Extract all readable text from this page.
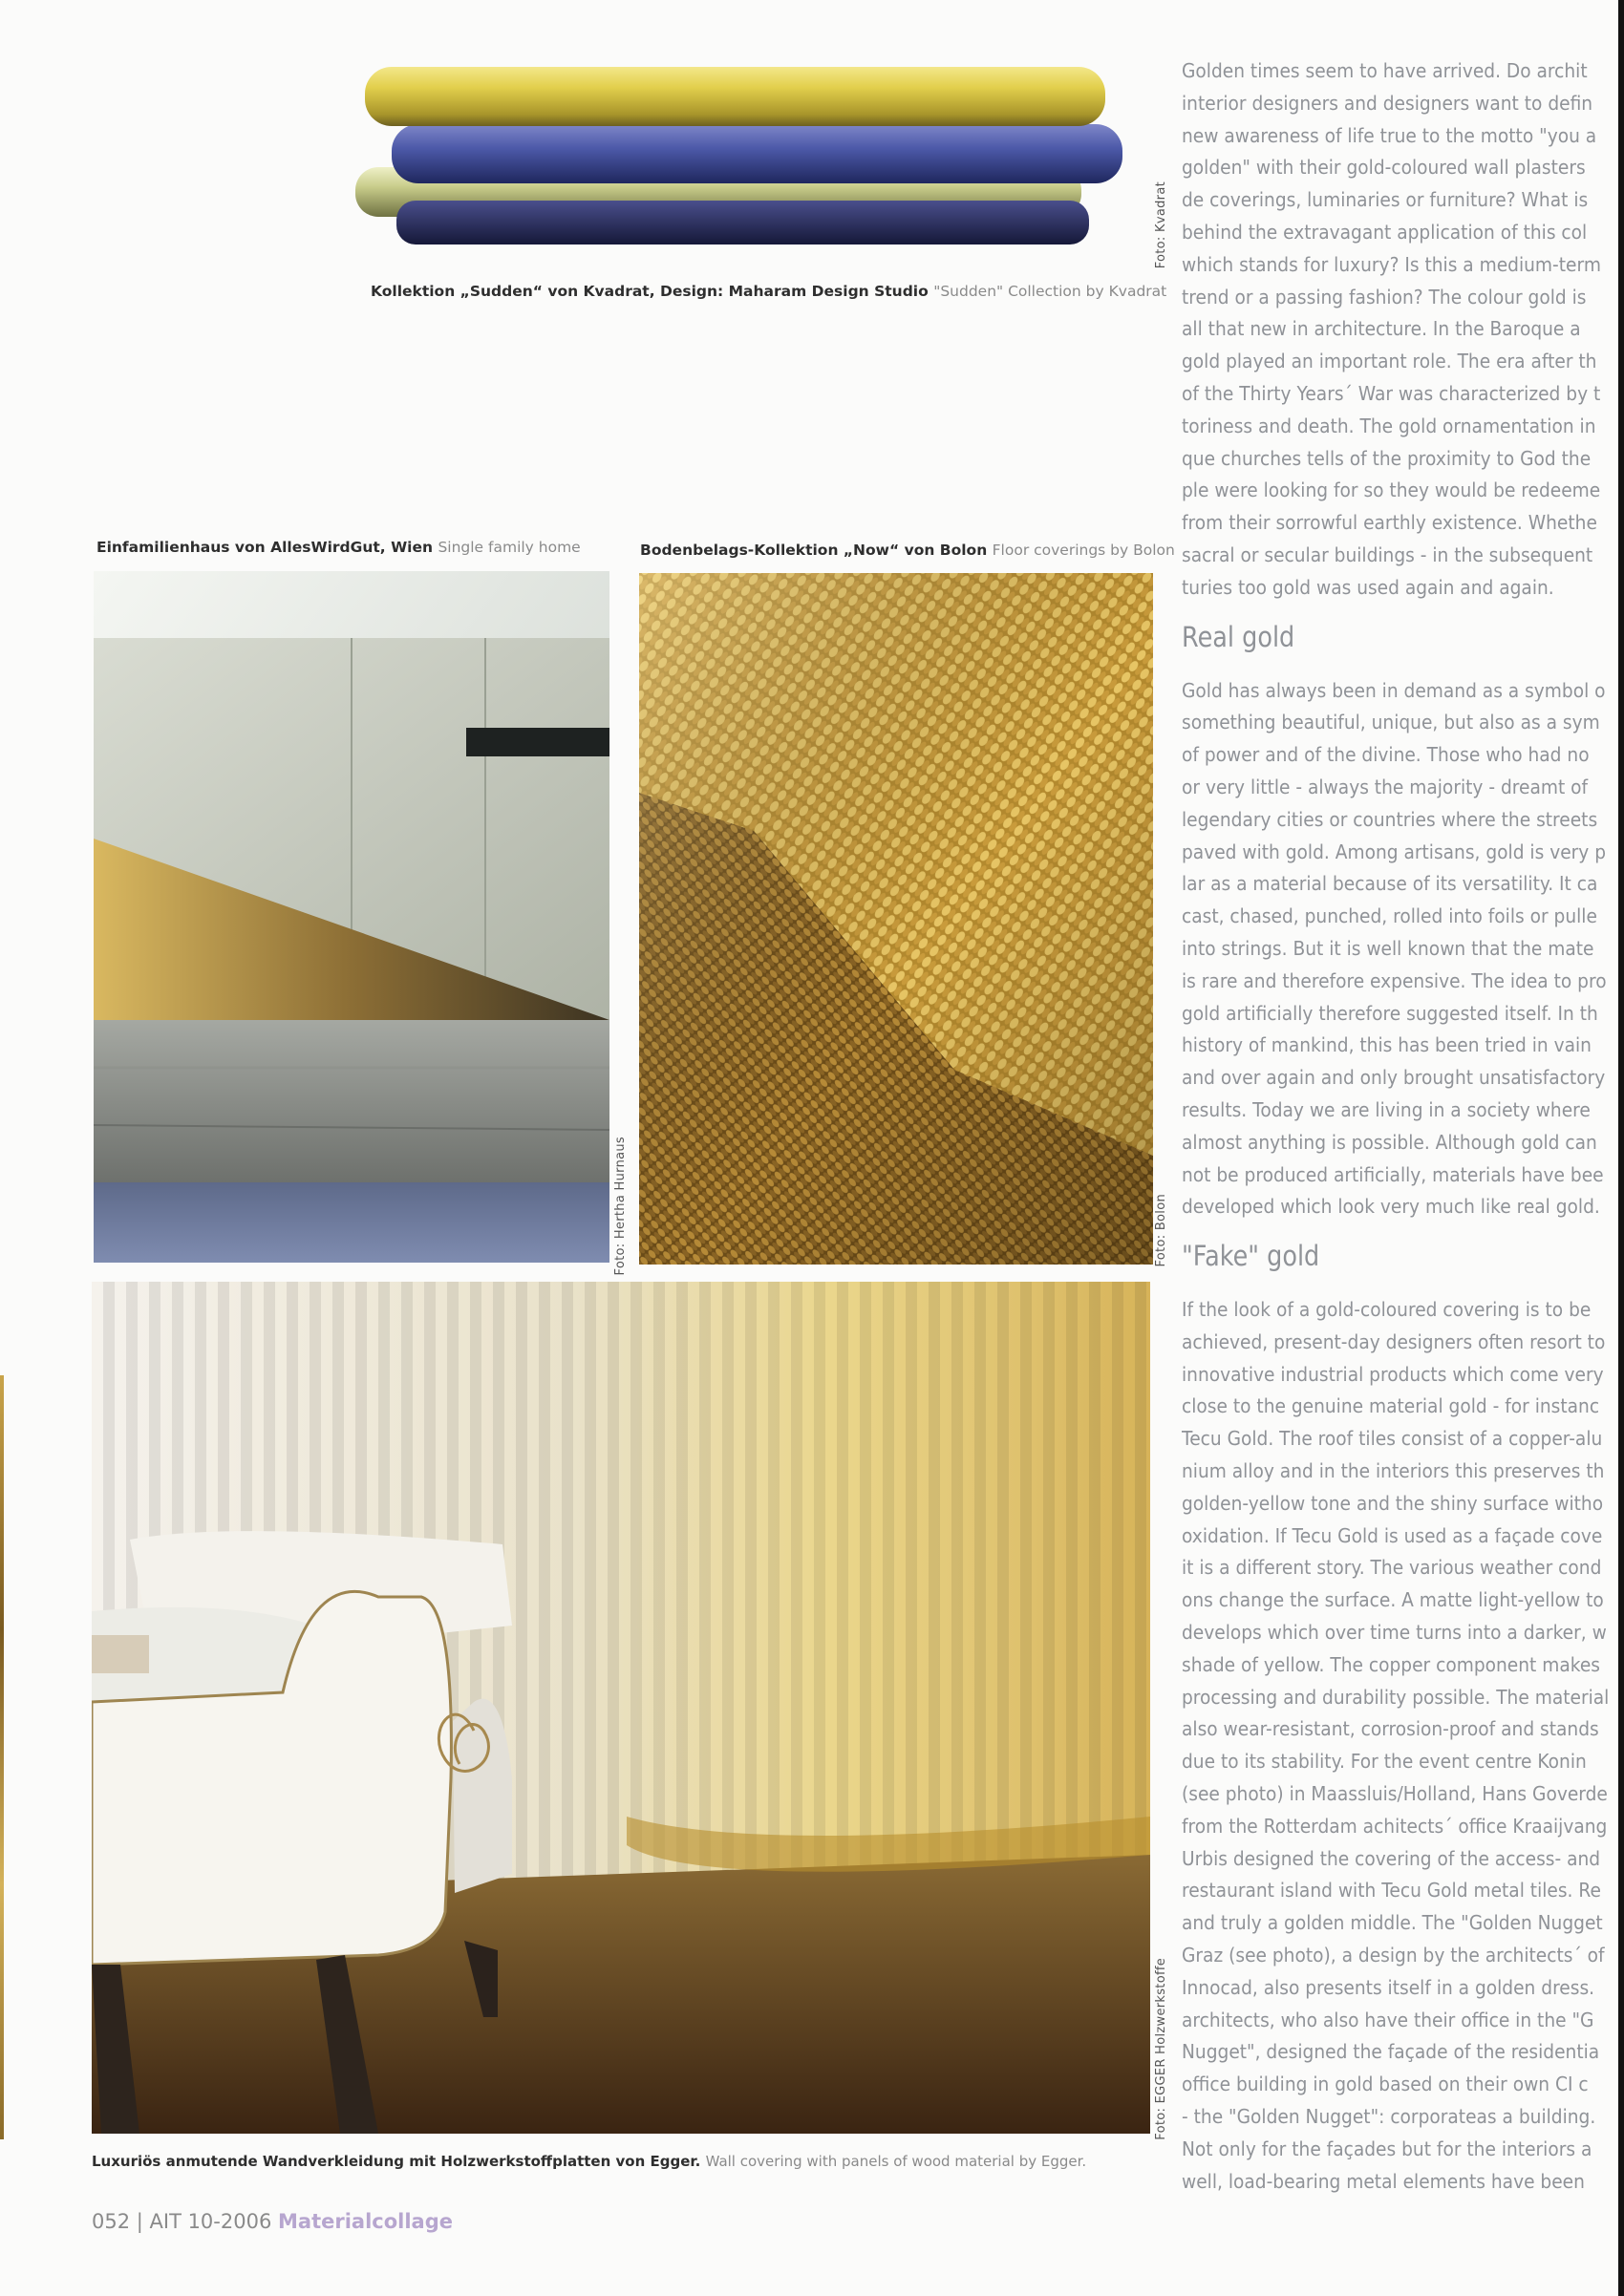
Foto: Kvadrat
Kollektion „Sudden“ von Kvadrat, Design: Maharam Design Studio "Sudden" Collection by Kvadrat
Einfamilienhaus von AllesWirdGut, Wien Single family home	Bodenbelags-Kollektion „Now“ von Bolon Floor coverings by Bolon
Foto: Hertha Hurnaus	Foto: Bolon
Foto: EGGER Holzwerkstoffe
Luxuriös anmutende Wandverkleidung mit Holzwerkstoffplatten von Egger. Wall covering with panels of wood material by Egger.

Golden times seem to have arrived. Do archit
interior designers and designers want to defin
new awareness of life true to the motto "you a
golden" with their gold-coloured wall plasters
de coverings, luminaries or furniture? What is
behind the extravagant application of this col
which stands for luxury? Is this a medium-term
trend or a passing fashion? The colour gold is
all that new in architecture. In the Baroque a
gold played an important role. The era after th
of the Thirty Years´ War was characterized by t
toriness and death. The gold ornamentation in
que churches tells of the proximity to God the
ple were looking for so they would be redeeme
from their sorrowful earthly existence. Whethe
sacral or secular buildings - in the subsequent
turies too gold was used again and again.

Real gold

Gold has always been in demand as a symbol o
something beautiful, unique, but also as a sym
of power and of the divine. Those who had no
or very little - always the majority - dreamt of
legendary cities or countries where the streets
paved with gold. Among artisans, gold is very p
lar as a material because of its versatility. It ca
cast, chased, punched, rolled into foils or pulle
into strings. But it is well known that the mate
is rare and therefore expensive. The idea to pro
gold artificially therefore suggested itself. In th
history of mankind, this has been tried in vain
and over again and only brought unsatisfactory
results. Today we are living in a society where
almost anything is possible. Although gold can
not be produced artificially, materials have bee
developed which look very much like real gold.

"Fake" gold

If the look of a gold-coloured covering is to be
achieved, present-day designers often resort to
innovative industrial products which come very
close to the genuine material gold - for instanc
Tecu Gold. The roof tiles consist of a copper-alu
nium alloy and in the interiors this preserves th
golden-yellow tone and the shiny surface witho
oxidation. If Tecu Gold is used as a façade cove
it is a different story. The various weather cond
ons change the surface. A matte light-yellow to
develops which over time turns into a darker, w
shade of yellow. The copper component makes
processing and durability possible. The material
also wear-resistant, corrosion-proof and stands
due to its stability. For the event centre Konin
(see photo) in Maassluis/Holland, Hans Goverde
from the Rotterdam achitects´ office Kraaijvang
Urbis designed the covering of the access- and
restaurant island with Tecu Gold metal tiles. Re
and truly a golden middle. The "Golden Nugget
Graz (see photo), a design by the architects´ of
Innocad, also presents itself in a golden dress.
architects, who also have their office in the "G
Nugget", designed the façade of the residentia
office building in gold based on their own CI c
- the "Golden Nugget": corporateas a building.
Not only for the façades but for the interiors a
well, load-bearing metal elements have been

052 | AIT 10-2006 Materialcollage
